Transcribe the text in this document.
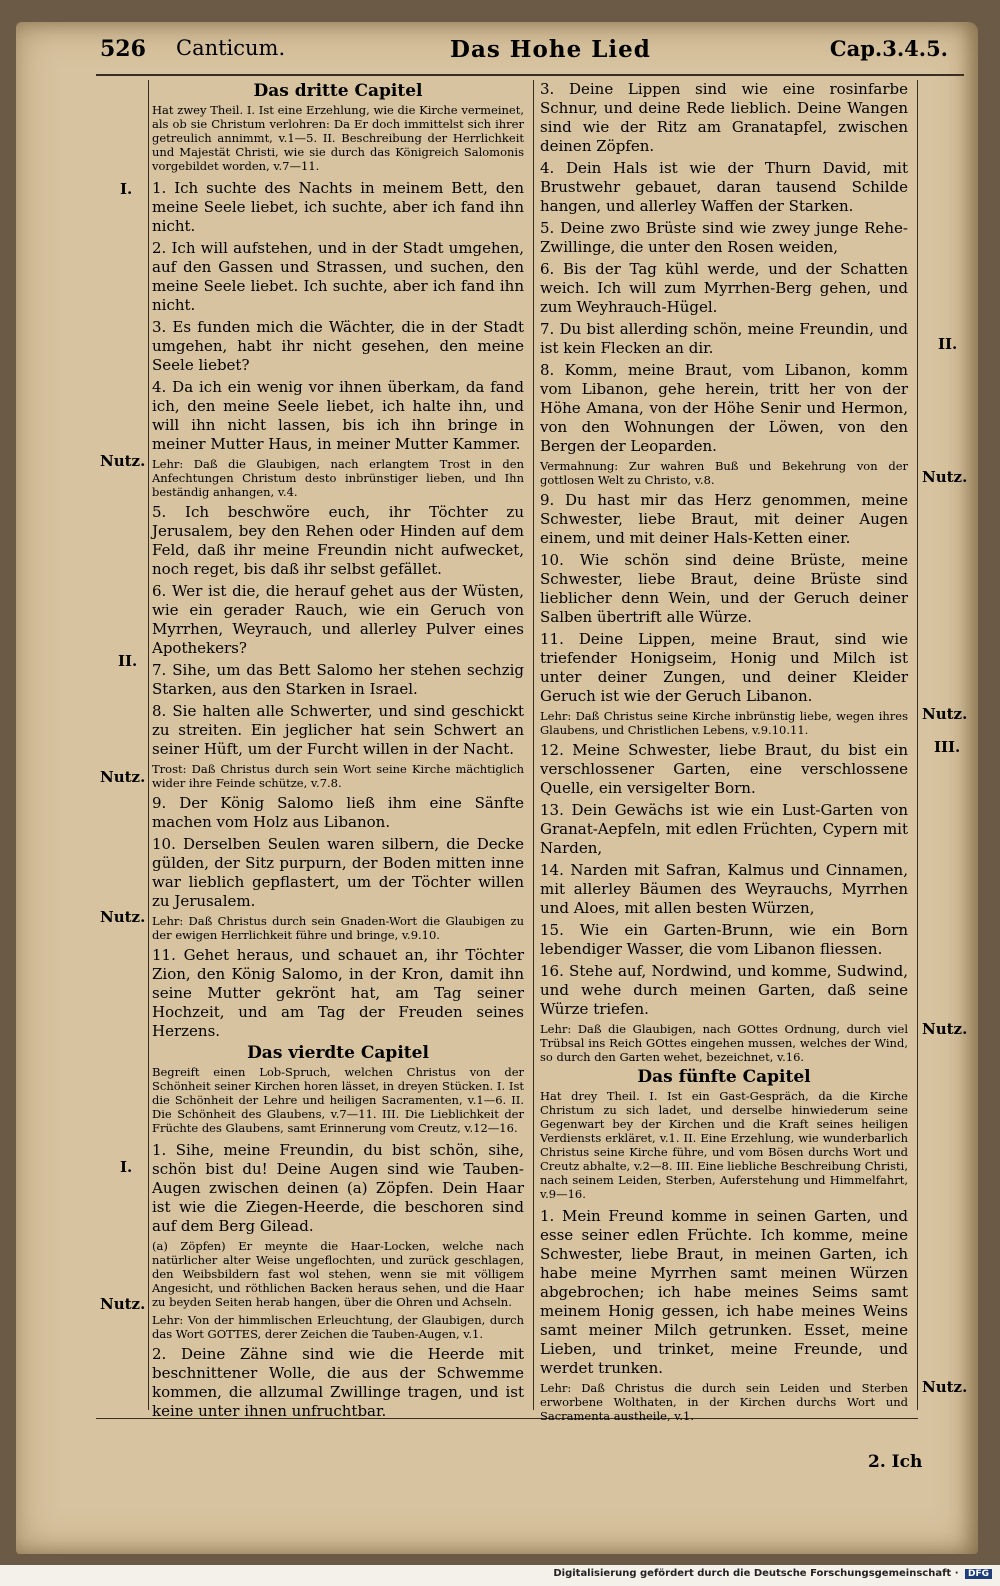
526 Canticum.	Das Hohe Lied	Cap.3.4.5.
I.
Nutz.
II.
Nutz.
Nutz.
I.
Nutz.
II.
Nutz.
Nutz.
III.
Nutz.
Nutz.
Das dritte Capitel

Hat zwey Theil. I. Ist eine Erzehlung, wie die Kirche vermeinet, als ob sie Christum verlohren: Da Er doch immittelst sich ihrer getreulich annimmt, v.1—5. II. Beschreibung der Herrlichkeit und Majestät Christi, wie sie durch das Königreich Salomonis vorgebildet worden, v.7—11.

1. Ich suchte des Nachts in meinem Bett, den meine Seele liebet, ich suchte, aber ich fand ihn nicht.

2. Ich will aufstehen, und in der Stadt umgehen, auf den Gassen und Strassen, und suchen, den meine Seele liebet. Ich suchte, aber ich fand ihn nicht.

3. Es funden mich die Wächter, die in der Stadt umgehen, habt ihr nicht gesehen, den meine Seele liebet?

4. Da ich ein wenig vor ihnen überkam, da fand ich, den meine Seele liebet, ich halte ihn, und will ihn nicht lassen, bis ich ihn bringe in meiner Mutter Haus, in meiner Mutter Kammer.

Lehr: Daß die Glaubigen, nach erlangtem Trost in den Anfechtungen Christum desto inbrünstiger lieben, und Ihn beständig anhangen, v.4.

5. Ich beschwöre euch, ihr Töchter zu Jerusalem, bey den Rehen oder Hinden auf dem Feld, daß ihr meine Freundin nicht aufwecket, noch reget, bis daß ihr selbst gefället.

6. Wer ist die, die herauf gehet aus der Wüsten, wie ein gerader Rauch, wie ein Geruch von Myrrhen, Weyrauch, und allerley Pulver eines Apothekers?

7. Sihe, um das Bett Salomo her stehen sechzig Starken, aus den Starken in Israel.

8. Sie halten alle Schwerter, und sind geschickt zu streiten. Ein jeglicher hat sein Schwert an seiner Hüft, um der Furcht willen in der Nacht.

Trost: Daß Christus durch sein Wort seine Kirche mächtiglich wider ihre Feinde schütze, v.7.8.

9. Der König Salomo ließ ihm eine Sänfte machen vom Holz aus Libanon.

10. Derselben Seulen waren silbern, die Decke gülden, der Sitz purpurn, der Boden mitten inne war lieblich gepflastert, um der Töchter willen zu Jerusalem.

Lehr: Daß Christus durch sein Gnaden-Wort die Glaubigen zu der ewigen Herrlichkeit führe und bringe, v.9.10.

11. Gehet heraus, und schauet an, ihr Töchter Zion, den König Salomo, in der Kron, damit ihn seine Mutter gekrönt hat, am Tag seiner Hochzeit, und am Tag der Freuden seines Herzens.

Das vierdte Capitel

Begreift einen Lob-Spruch, welchen Christus von der Schönheit seiner Kirchen horen lässet, in dreyen Stücken. I. Ist die Schönheit der Lehre und heiligen Sacramenten, v.1—6. II. Die Schönheit des Glaubens, v.7—11. III. Die Lieblichkeit der Früchte des Glaubens, samt Erinnerung vom Creutz, v.12—16.

1. Sihe, meine Freundin, du bist schön, sihe, schön bist du! Deine Augen sind wie Tauben-Augen zwischen deinen (a) Zöpfen. Dein Haar ist wie die Ziegen-Heerde, die beschoren sind auf dem Berg Gilead.

(a) Zöpfen) Er meynte die Haar-Locken, welche nach natürlicher alter Weise ungeflochten, und zurück geschlagen, den Weibsbildern fast wol stehen, wenn sie mit völligem Angesicht, und röthlichen Backen heraus sehen, und die Haar zu beyden Seiten herab hangen, über die Ohren und Achseln.

Lehr: Von der himmlischen Erleuchtung, der Glaubigen, durch das Wort GOTTES, derer Zeichen die Tauben-Augen, v.1.

2. Deine Zähne sind wie die Heerde mit beschnittener Wolle, die aus der Schwemme kommen, die allzumal Zwillinge tragen, und ist keine unter ihnen unfruchtbar.

3. Deine Lippen sind wie eine rosinfarbe Schnur, und deine Rede lieblich. Deine Wangen sind wie der Ritz am Granatapfel, zwischen deinen Zöpfen.

4. Dein Hals ist wie der Thurn David, mit Brustwehr gebauet, daran tausend Schilde hangen, und allerley Waffen der Starken.

5. Deine zwo Brüste sind wie zwey junge Rehe-Zwillinge, die unter den Rosen weiden,

6. Bis der Tag kühl werde, und der Schatten weich. Ich will zum Myrrhen-Berg gehen, und zum Weyhrauch-Hügel.

7. Du bist allerding schön, meine Freundin, und ist kein Flecken an dir.

8. Komm, meine Braut, vom Libanon, komm vom Libanon, gehe herein, tritt her von der Höhe Amana, von der Höhe Senir und Hermon, von den Wohnungen der Löwen, von den Bergen der Leoparden.

Vermahnung: Zur wahren Buß und Bekehrung von der gottlosen Welt zu Christo, v.8.

9. Du hast mir das Herz genommen, meine Schwester, liebe Braut, mit deiner Augen einem, und mit deiner Hals-Ketten einer.

10. Wie schön sind deine Brüste, meine Schwester, liebe Braut, deine Brüste sind lieblicher denn Wein, und der Geruch deiner Salben übertrift alle Würze.

11. Deine Lippen, meine Braut, sind wie triefender Honigseim, Honig und Milch ist unter deiner Zungen, und deiner Kleider Geruch ist wie der Geruch Libanon.

Lehr: Daß Christus seine Kirche inbrünstig liebe, wegen ihres Glaubens, und Christlichen Lebens, v.9.10.11.

12. Meine Schwester, liebe Braut, du bist ein verschlossener Garten, eine verschlossene Quelle, ein versigelter Born.

13. Dein Gewächs ist wie ein Lust-Garten von Granat-Aepfeln, mit edlen Früchten, Cypern mit Narden,

14. Narden mit Safran, Kalmus und Cinnamen, mit allerley Bäumen des Weyrauchs, Myrrhen und Aloes, mit allen besten Würzen,

15. Wie ein Garten-Brunn, wie ein Born lebendiger Wasser, die vom Libanon fliessen.

16. Stehe auf, Nordwind, und komme, Sudwind, und wehe durch meinen Garten, daß seine Würze triefen.

Lehr: Daß die Glaubigen, nach GOttes Ordnung, durch viel Trübsal ins Reich GOttes eingehen mussen, welches der Wind, so durch den Garten wehet, bezeichnet, v.16.

Das fünfte Capitel

Hat drey Theil. I. Ist ein Gast-Gespräch, da die Kirche Christum zu sich ladet, und derselbe hinwiederum seine Gegenwart bey der Kirchen und die Kraft seines heiligen Verdiensts erkläret, v.1. II. Eine Erzehlung, wie wunderbarlich Christus seine Kirche führe, und vom Bösen durchs Wort und Creutz abhalte, v.2—8. III. Eine liebliche Beschreibung Christi, nach seinem Leiden, Sterben, Auferstehung und Himmelfahrt, v.9—16.

1. Mein Freund komme in seinen Garten, und esse seiner edlen Früchte. Ich komme, meine Schwester, liebe Braut, in meinen Garten, ich habe meine Myrrhen samt meinen Würzen abgebrochen; ich habe meines Seims samt meinem Honig gessen, ich habe meines Weins samt meiner Milch getrunken. Esset, meine Lieben, und trinket, meine Freunde, und werdet trunken.

Lehr: Daß Christus die durch sein Leiden und Sterben erworbene Wolthaten, in der Kirchen durchs Wort und Sacramenta austheile, v.1.

2. Ich
Digitalisierung gefördert durch die Deutsche Forschungsgemeinschaft · DFG
